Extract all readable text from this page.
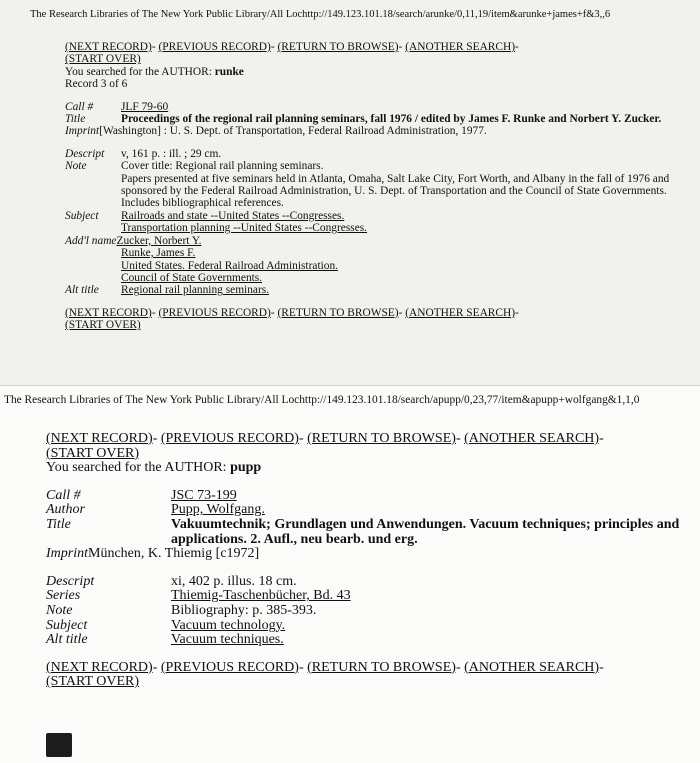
The Research Libraries of The New York Public Library/All Lochttp://149.123.101.18/search/arunke/0,11,19/item&arunke+james+f&3,,6
(NEXT RECORD)- (PREVIOUS RECORD)- (RETURN TO BROWSE)- (ANOTHER SEARCH)-
(START OVER)
You searched for the AUTHOR: runke
Record 3 of 6
Call #	JLF 79-60
Title	Proceedings of the regional rail planning seminars, fall 1976 / edited by James F. Runke and Norbert Y. Zucker.
Imprint [Washington] : U. S. Dept. of Transportation, Federal Railroad Administration, 1977.
Descript	v, 161 p. : ill. ; 29 cm.
Note	Cover title: Regional rail planning seminars.
Papers presented at five seminars held in Atlanta, Omaha, Salt Lake City, Fort Worth, and Albany in the fall of 1976 and sponsored by the Federal Railroad Administration, U. S. Dept. of Transportation and the Council of State Governments.
Includes bibliographical references.
Subject	Railroads and state --United States --Congresses.
Transportation planning --United States --Congresses.
Add'l name Zucker, Norbert Y.
Runke, James F.
United States. Federal Railroad Administration.
Council of State Governments.
Alt title	Regional rail planning seminars.
(NEXT RECORD)- (PREVIOUS RECORD)- (RETURN TO BROWSE)- (ANOTHER SEARCH)-
(START OVER)
The Research Libraries of The New York Public Library/All Lochttp://149.123.101.18/search/apupp/0,23,77/item&apupp+wolfgang&1,1,0
(NEXT RECORD)- (PREVIOUS RECORD)- (RETURN TO BROWSE)- (ANOTHER SEARCH)-
(START OVER)
You searched for the AUTHOR: pupp
Call #	JSC 73-199
Author	Pupp, Wolfgang.
Title	Vakuumtechnik; Grundlagen und Anwendungen. Vacuum techniques; principles and applications. 2. Aufl., neu bearb. und erg.
Imprint München, K. Thiemig [c1972]
Descript	xi, 402 p. illus. 18 cm.
Series	Thiemig-Taschenbücher, Bd. 43
Note	Bibliography: p. 385-393.
Subject	Vacuum technology.
Alt title	Vacuum techniques.
(NEXT RECORD)- (PREVIOUS RECORD)- (RETURN TO BROWSE)- (ANOTHER SEARCH)-
(START OVER)
